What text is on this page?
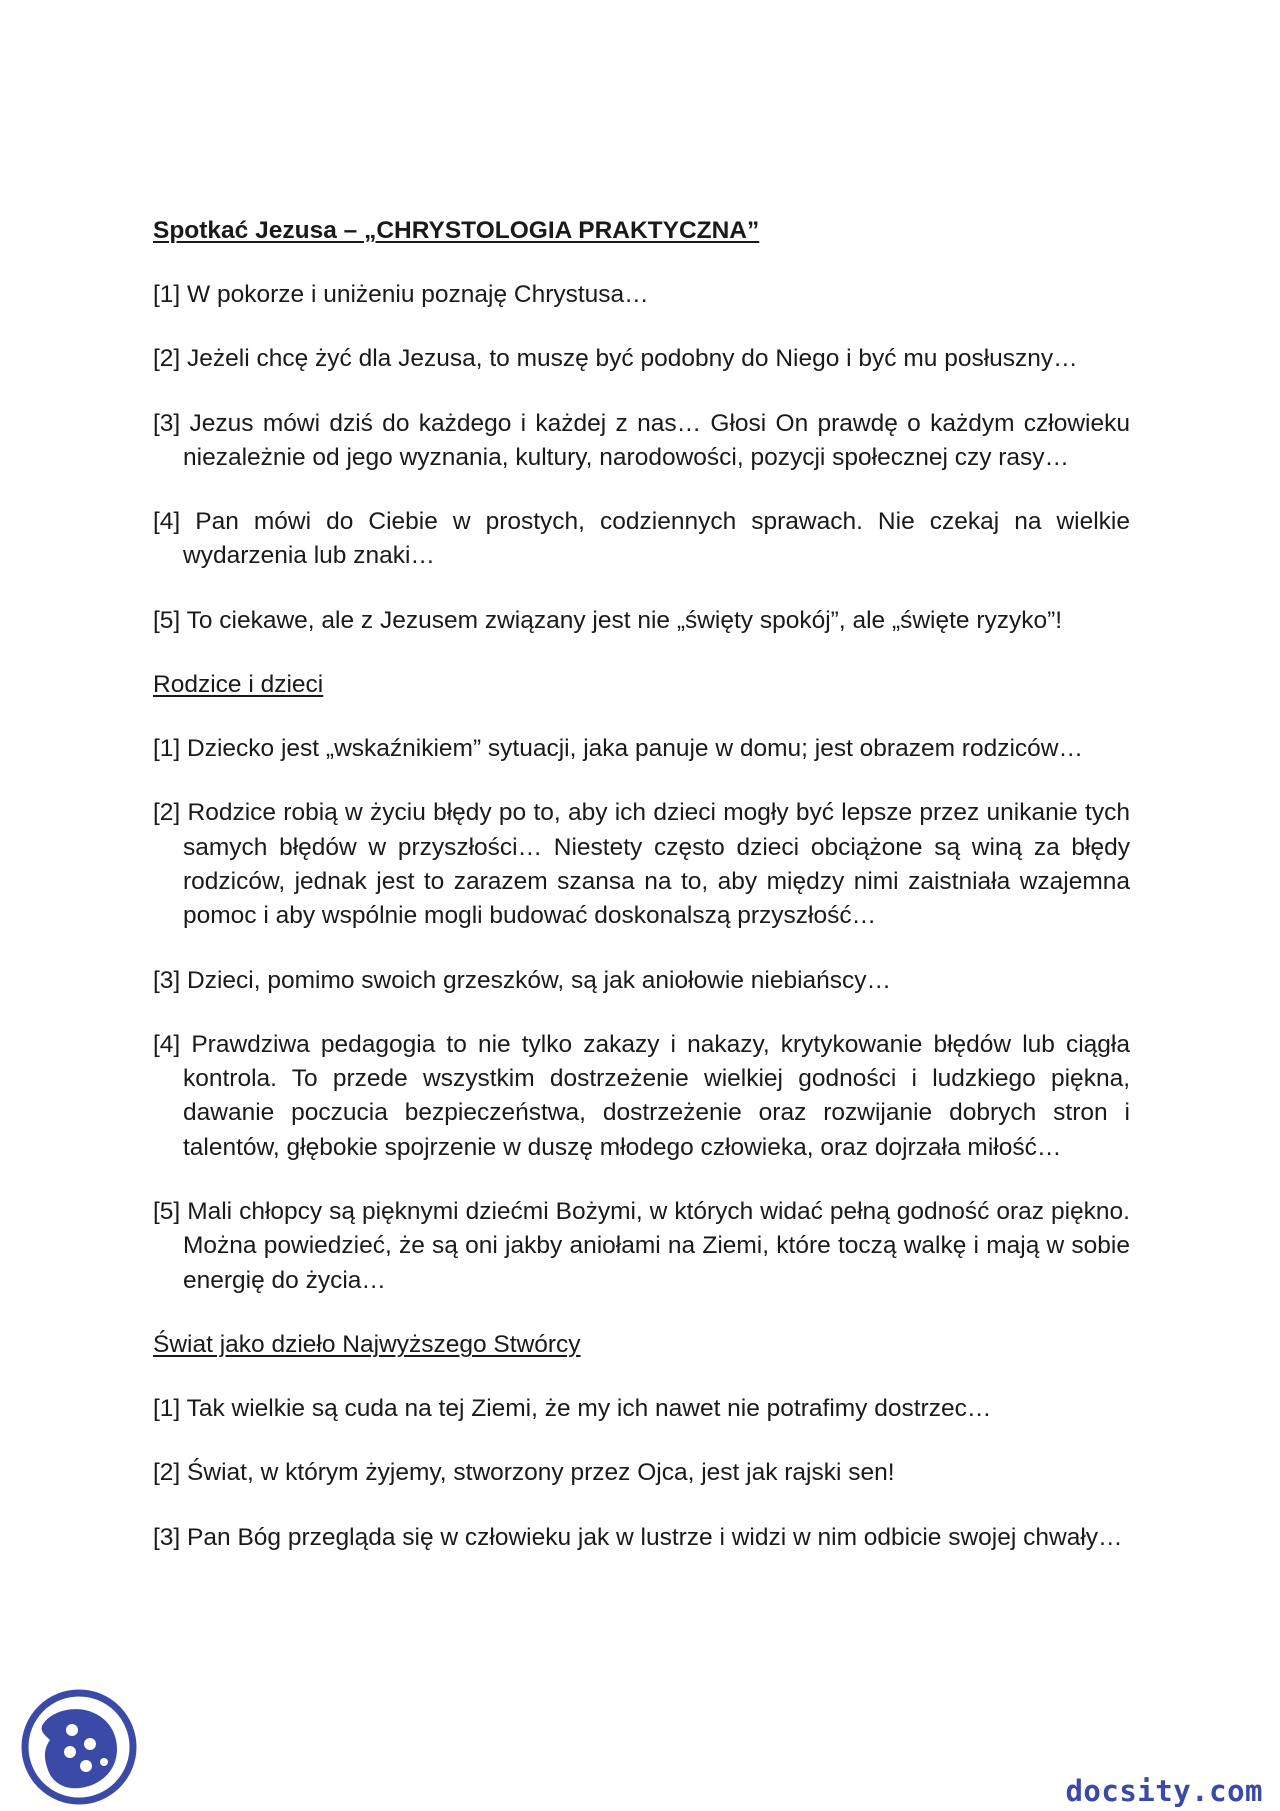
Spotkać Jezusa – „CHRYSTOLOGIA PRAKTYCZNA”
[1] W pokorze i uniżeniu poznaję Chrystusa…
[2] Jeżeli chcę żyć dla Jezusa, to muszę być podobny do Niego i być mu posłuszny…
[3] Jezus mówi dziś do każdego i każdej z nas… Głosi On prawdę o każdym człowieku niezależnie od jego wyznania, kultury, narodowości, pozycji społecznej czy rasy…
[4] Pan mówi do Ciebie w prostych, codziennych sprawach. Nie czekaj na wielkie wydarzenia lub znaki…
[5] To ciekawe, ale z Jezusem związany jest nie „święty spokój”, ale „święte ryzyko”!
Rodzice i dzieci
[1] Dziecko jest „wskaźnikiem” sytuacji, jaka panuje w domu; jest obrazem rodziców…
[2] Rodzice robią w życiu błędy po to, aby ich dzieci mogły być lepsze przez unikanie tych samych błędów w przyszłości… Niestety często dzieci obciążone są winą za błędy rodziców, jednak jest to zarazem szansa na to, aby między nimi zaistniała wzajemna pomoc i aby wspólnie mogli budować doskonalszą przyszłość…
[3] Dzieci, pomimo swoich grzeszków, są jak aniołowie niebiańscy…
[4] Prawdziwa pedagogia to nie tylko zakazy i nakazy, krytykowanie błędów lub ciągła kontrola. To przede wszystkim dostrzeżenie wielkiej godności i ludzkiego piękna, dawanie poczucia bezpieczeństwa, dostrzeżenie oraz rozwijanie dobrych stron i talentów, głębokie spojrzenie w duszę młodego człowieka, oraz dojrzała miłość…
[5] Mali chłopcy są pięknymi dziećmi Bożymi, w których widać pełną godność oraz piękno. Można powiedzieć, że są oni jakby aniołami na Ziemi, które toczą walkę i mają w sobie energię do życia…
Świat jako dzieło Najwyższego Stwórcy
[1] Tak wielkie są cuda na tej Ziemi, że my ich nawet nie potrafimy dostrzec…
[2] Świat, w którym żyjemy, stworzony przez Ojca, jest jak rajski sen!
[3] Pan Bóg przegląda się w człowieku jak w lustrze i widzi w nim odbicie swojej chwały…
docsity.com
